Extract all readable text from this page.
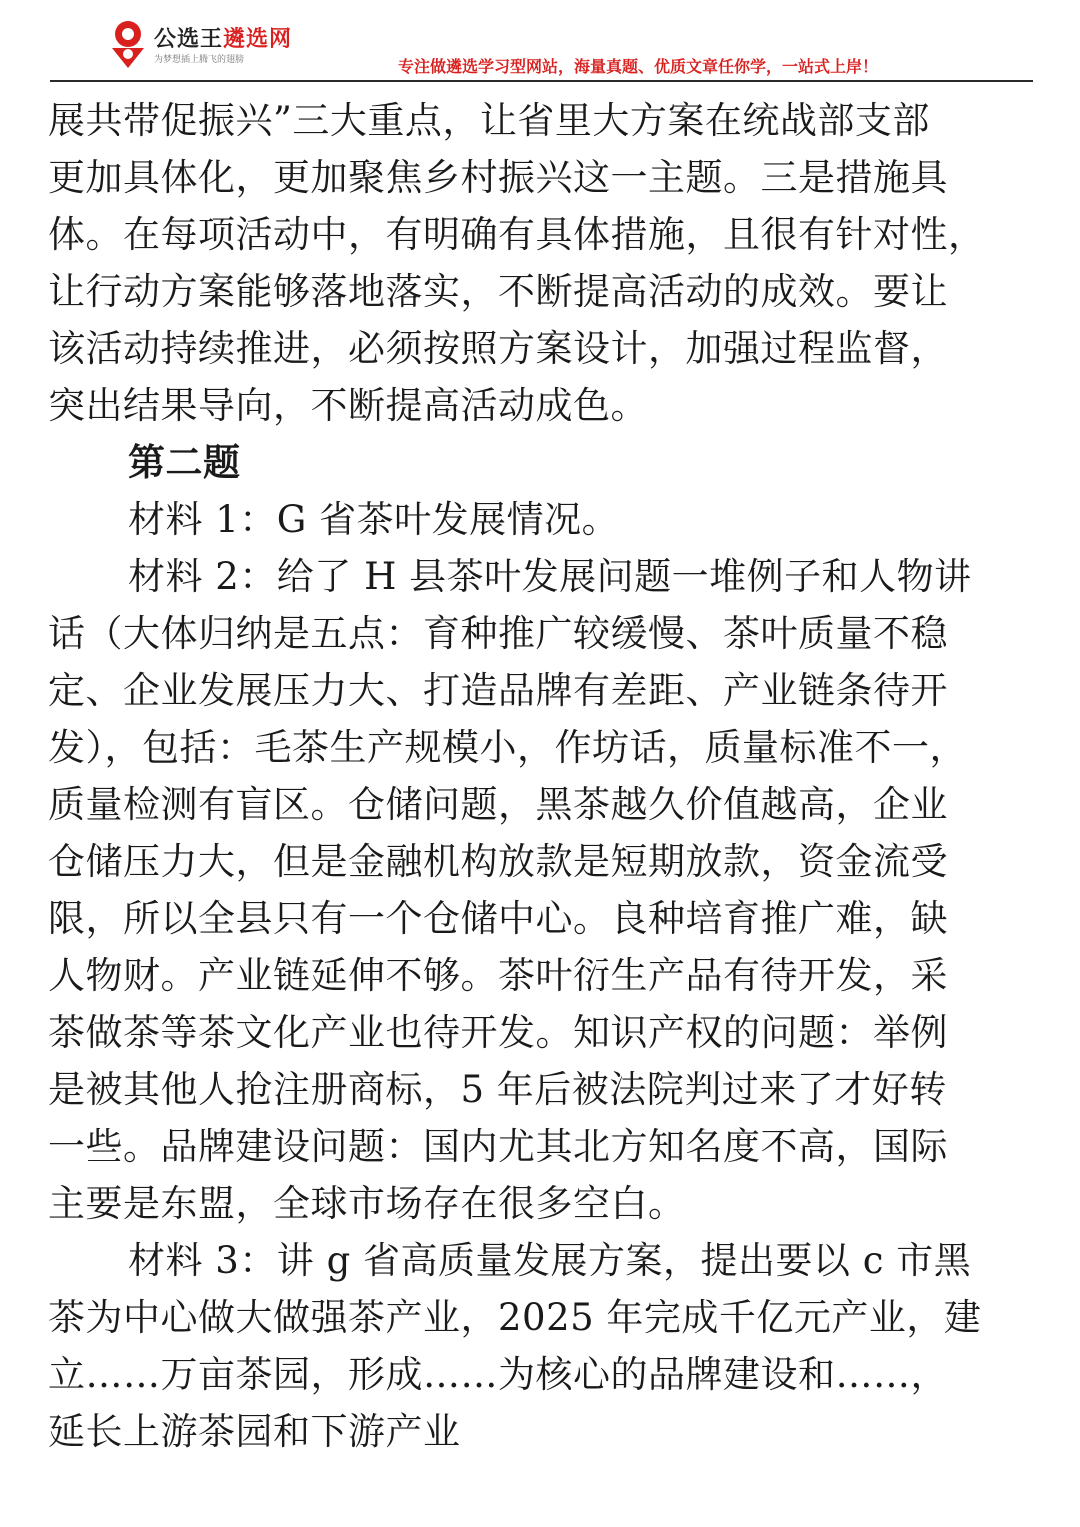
公选王遴选网
为梦想插上腾飞的翅膀	专注做遴选学习型网站，海量真题、优质文章任你学，一站式上岸！
展共带促振兴”三大重点，让省里大方案在统战部支部
更加具体化，更加聚焦乡村振兴这一主题。三是措施具
体。在每项活动中，有明确有具体措施，且很有针对性，
让行动方案能够落地落实，不断提高活动的成效。要让
该活动持续推进，必须按照方案设计，加强过程监督，
突出结果导向，不断提高活动成色。
第二题
材料 1：G 省茶叶发展情况。
材料 2：给了 H 县茶叶发展问题一堆例子和人物讲
话（大体归纳是五点：育种推广较缓慢、茶叶质量不稳
定、企业发展压力大、打造品牌有差距、产业链条待开
发），包括：毛茶生产规模小，作坊话，质量标准不一，
质量检测有盲区。仓储问题，黑茶越久价值越高，企业
仓储压力大，但是金融机构放款是短期放款，资金流受
限，所以全县只有一个仓储中心。良种培育推广难，缺
人物财。产业链延伸不够。茶叶衍生产品有待开发，采
茶做茶等茶文化产业也待开发。知识产权的问题：举例
是被其他人抢注册商标，5 年后被法院判过来了才好转
一些。品牌建设问题：国内尤其北方知名度不高，国际
主要是东盟，全球市场存在很多空白。
材料 3：讲 g 省高质量发展方案，提出要以 c 市黑
茶为中心做大做强茶产业，2025 年完成千亿元产业，建
立……万亩茶园，形成……为核心的品牌建设和……，
延长上游茶园和下游产业
